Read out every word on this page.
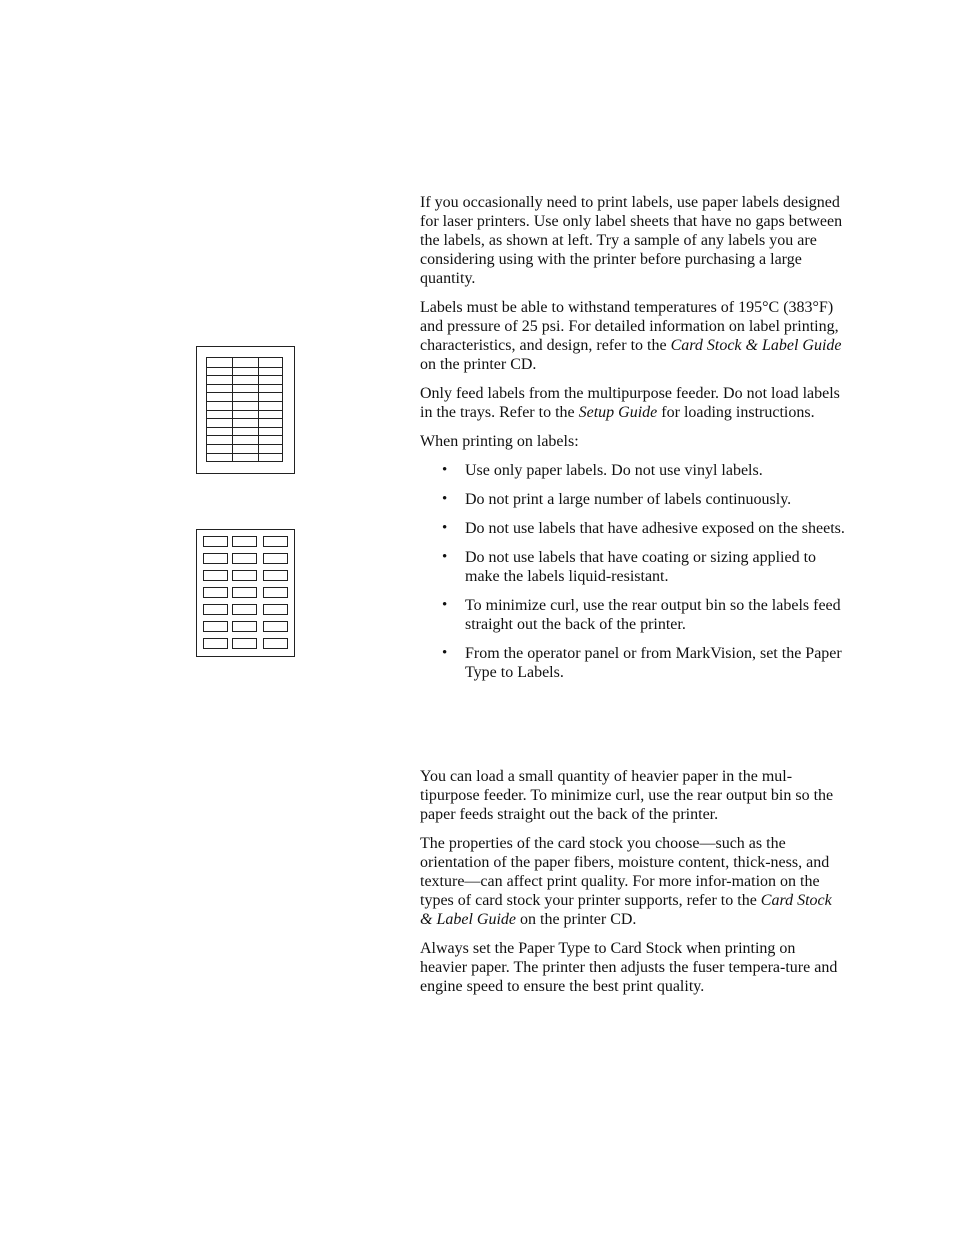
If you occasionally need to print labels, use paper labels designed for laser printers. Use only label sheets that have no gaps between the labels, as shown at left. Try a sample of any labels you are considering using with the printer before purchasing a large quantity.

Labels must be able to withstand temperatures of 195°C (383°F) and pressure of 25 psi. For detailed information on label printing, characteristics, and design, refer to the Card Stock & Label Guide on the printer CD.

Only feed labels from the multipurpose feeder. Do not load labels in the trays. Refer to the Setup Guide for loading instructions.

When printing on labels:

• Use only paper labels. Do not use vinyl labels.
• Do not print a large number of labels continuously.
• Do not use labels that have adhesive exposed on the sheets.
• Do not use labels that have coating or sizing applied to make the labels liquid-resistant.
• To minimize curl, use the rear output bin so the labels feed straight out the back of the printer.
• From the operator panel or from MarkVision, set the Paper Type to Labels.

You can load a small quantity of heavier paper in the mul-tipurpose feeder. To minimize curl, use the rear output bin so the paper feeds straight out the back of the printer.

The properties of the card stock you choose—such as the orientation of the paper fibers, moisture content, thick-ness, and texture—can affect print quality. For more infor-mation on the types of card stock your printer supports, refer to the Card Stock & Label Guide on the printer CD.

Always set the Paper Type to Card Stock when printing on heavier paper. The printer then adjusts the fuser tempera-ture and engine speed to ensure the best print quality.
